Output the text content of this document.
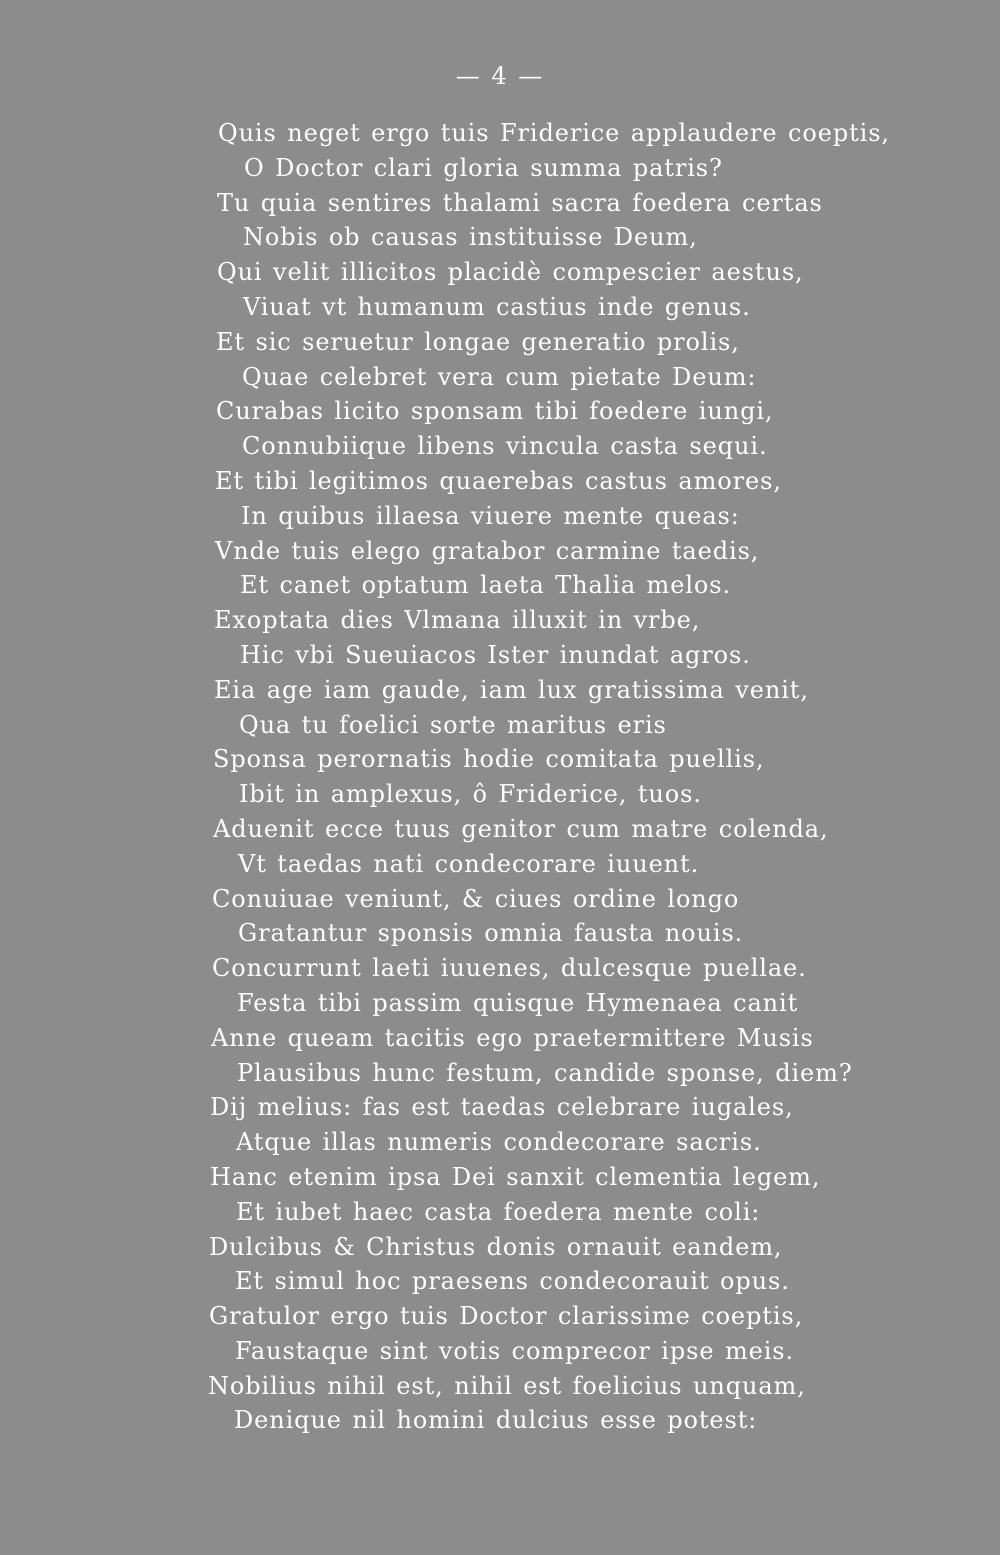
— 4 —
Quis neget ergo tuis Friderice applaudere coeptis,
O Doctor clari gloria summa patris?
Tu quia sentires thalami sacra foedera certas
Nobis ob causas instituisse Deum,
Qui velit illicitos placidè compescier aestus,
Viuat vt humanum castius inde genus.
Et sic seruetur longae generatio prolis,
Quae celebret vera cum pietate Deum:
Curabas licito sponsam tibi foedere iungi,
Connubiique libens vincula casta sequi.
Et tibi legitimos quaerebas castus amores,
In quibus illaesa viuere mente queas:
Vnde tuis elego gratabor carmine taedis,
Et canet optatum laeta Thalia melos.
Exoptata dies Vlmana illuxit in vrbe,
Hic vbi Sueuiacos Ister inundat agros.
Eia age iam gaude, iam lux gratissima venit,
Qua tu foelici sorte maritus eris
Sponsa perornatis hodie comitata puellis,
Ibit in amplexus, ô Friderice, tuos.
Aduenit ecce tuus genitor cum matre colenda,
Vt taedas nati condecorare iuuent.
Conuiuae veniunt, & ciues ordine longo
Gratantur sponsis omnia fausta nouis.
Concurrunt laeti iuuenes, dulcesque puellae.
Festa tibi passim quisque Hymenaea canit
Anne queam tacitis ego praetermittere Musis
Plausibus hunc festum, candide sponse, diem?
Dij melius: fas est taedas celebrare iugales,
Atque illas numeris condecorare sacris.
Hanc etenim ipsa Dei sanxit clementia legem,
Et iubet haec casta foedera mente coli:
Dulcibus & Christus donis ornauit eandem,
Et simul hoc praesens condecorauit opus.
Gratulor ergo tuis Doctor clarissime coeptis,
Faustaque sint votis comprecor ipse meis.
Nobilius nihil est, nihil est foelicius unquam,
Denique nil homini dulcius esse potest:
